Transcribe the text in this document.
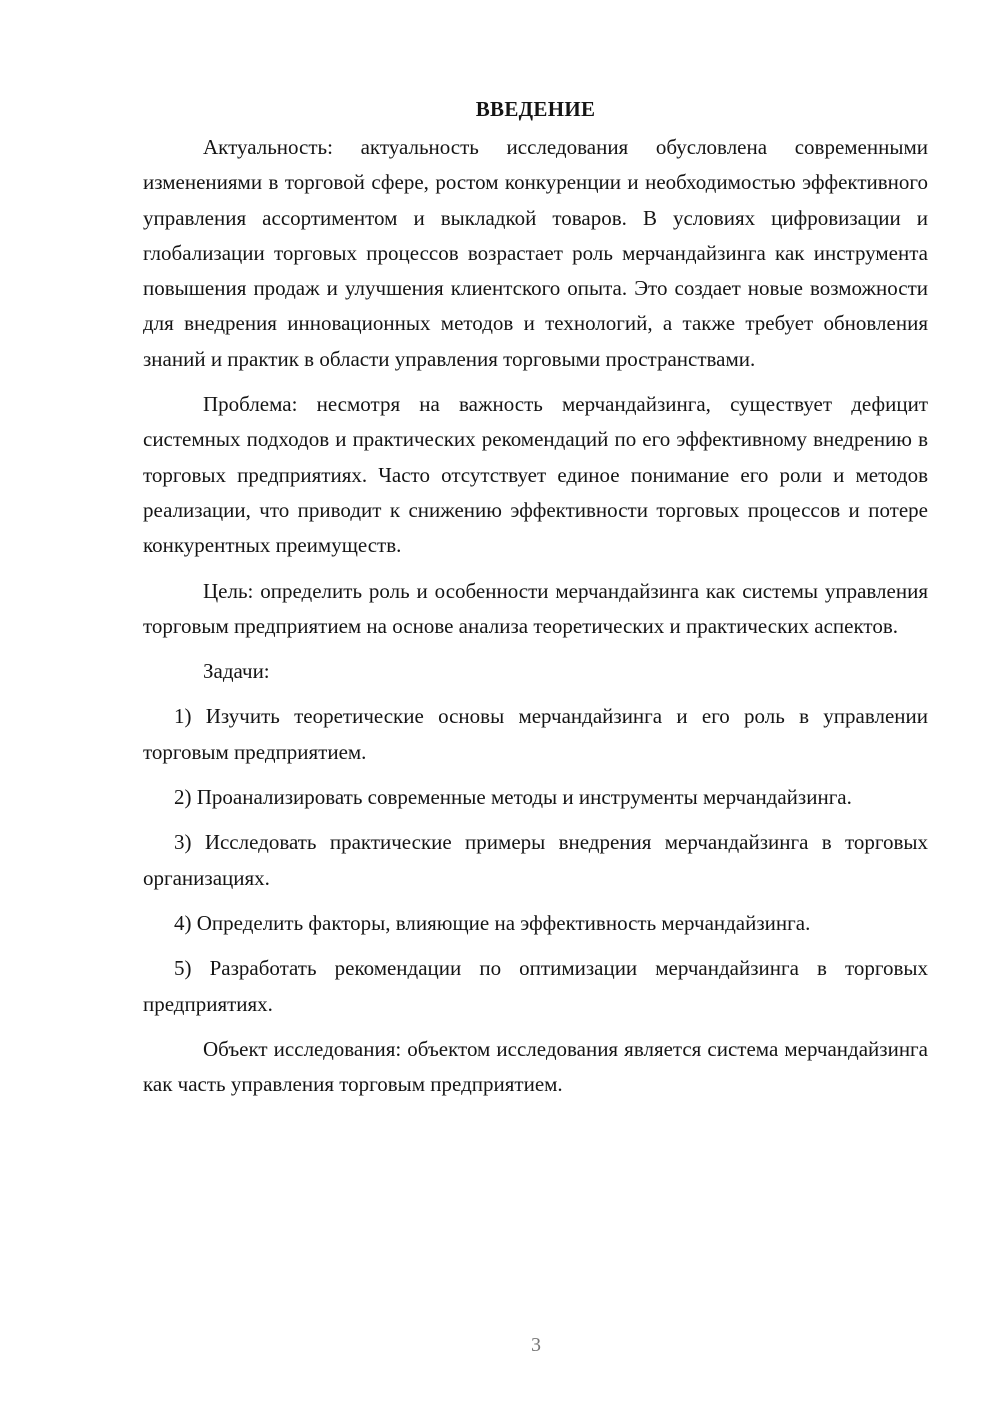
ВВЕДЕНИЕ

Актуальность: актуальность исследования обусловлена современными изменениями в торговой сфере, ростом конкуренции и необходимостью эффективного управления ассортиментом и выкладкой товаров. В условиях цифровизации и глобализации торговых процессов возрастает роль мерчандайзинга как инструмента повышения продаж и улучшения клиентского опыта. Это создает новые возможности для внедрения инновационных методов и технологий, а также требует обновления знаний и практик в области управления торговыми пространствами.

Проблема: несмотря на важность мерчандайзинга, существует дефицит системных подходов и практических рекомендаций по его эффективному внедрению в торговых предприятиях. Часто отсутствует единое понимание его роли и методов реализации, что приводит к снижению эффективности торговых процессов и потере конкурентных преимуществ.

Цель: определить роль и особенности мерчандайзинга как системы управления торговым предприятием на основе анализа теоретических и практических аспектов.

Задачи:

1) Изучить теоретические основы мерчандайзинга и его роль в управлении торговым предприятием.

2) Проанализировать современные методы и инструменты мерчандайзинга.

3) Исследовать практические примеры внедрения мерчандайзинга в торговых организациях.

4) Определить факторы, влияющие на эффективность мерчандайзинга.

5) Разработать рекомендации по оптимизации мерчандайзинга в торговых предприятиях.

Объект исследования: объектом исследования является система мерчандайзинга как часть управления торговым предприятием.

3
